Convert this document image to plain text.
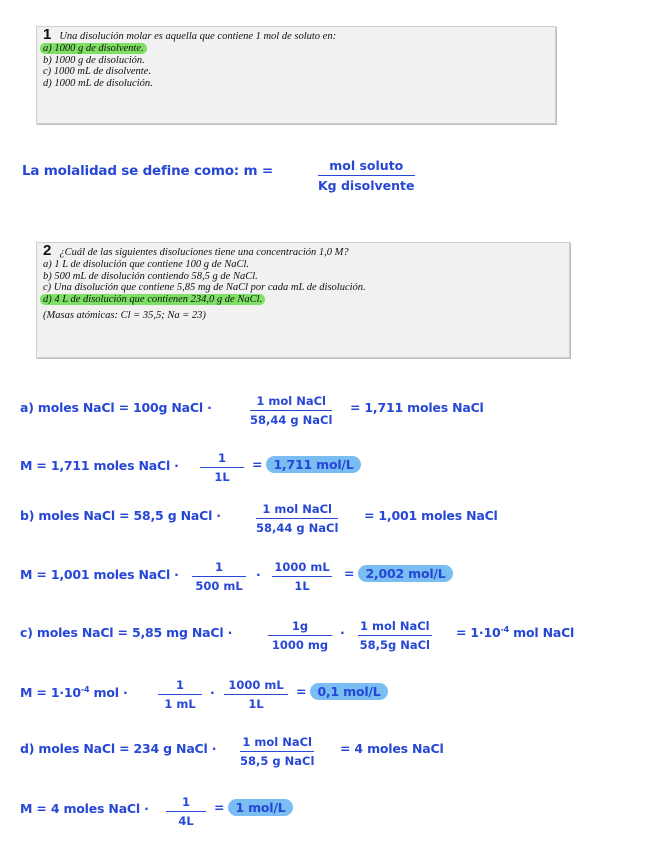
1 Una disolución molar es aquella que contiene 1 mol de soluto en:
a) 1000 g de disolvente.
b) 1000 g de disolución.
c) 1000 mL de disolvente.
d) 1000 mL de disolución.
La molalidad se define como: m =	mol soluto
Kg disolvente
2 ¿Cuál de las siguientes disoluciones tiene una concentración 1,0 M?
a) 1 L de disolución que contiene 100 g de NaCl.
b) 500 mL de disolución contiendo 58,5 g de NaCl.
c) Una disolución que contiene 5,85 mg de NaCl por cada mL de disolución.
d) 4 L de disolución que contienen 234,0 g de NaCl.
(Masas atómicas: Cl = 35,5; Na = 23)
a) moles NaCl = 100g NaCl ·	1 mol NaCl
58,44 g NaCl
= 1,711 moles NaCl
M = 1,711 moles NaCl · $\frac{1}{1L} = 1,711$ mol/L
b) moles NaCl = 58,5 g NaCl ·	1 mol NaCl
58,44 g NaCl
= 1,001 moles NaCl
M = 1,001 moles NaCl · $\frac{1}{500 mL} \cdot \frac{1000 mL}{1L} = 2,002$ mol/L
c) moles NaCl = 5,85 mg NaCl ·	$\frac{1g}{1000 mg} \cdot 1$ mol NaCl
58,5g NaCl
= $1\cdot 10^{-4}$ mol NaCl
$M = 1\cdot 10^{-4}$ mol ·	$\frac{1}{1 mL} \cdot \frac{1000 mL}{1L} = 0,1$ mol/L
d) moles NaCl = 234 g NaCl · 1 mol NaCl
58,5 g NaCl
= 4 moles NaCl
M = 4 moles NaCl · $\frac{1}{4L} = 1$ mol/L
